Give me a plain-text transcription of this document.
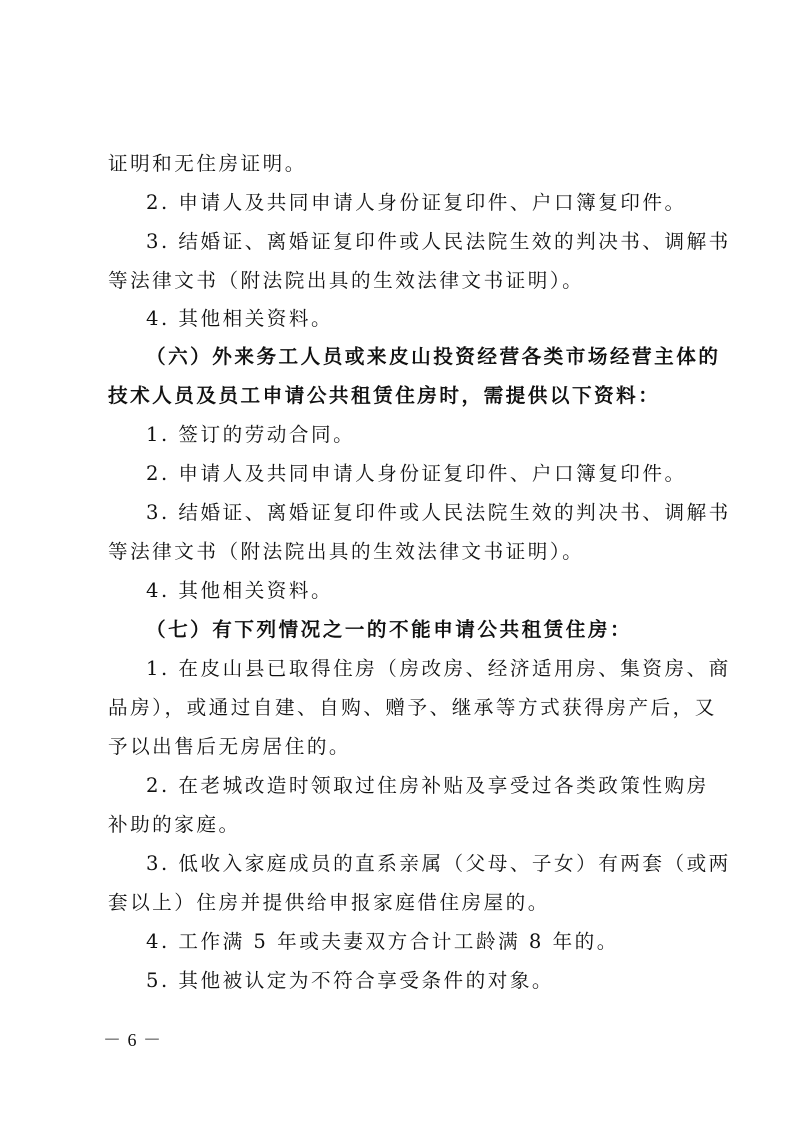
证明和无住房证明。
2. 申请人及共同申请人身份证复印件、户口簿复印件。
3. 结婚证、离婚证复印件或人民法院生效的判决书、调解书
等法律文书（附法院出具的生效法律文书证明）。
4. 其他相关资料。
（六）外来务工人员或来皮山投资经营各类市场经营主体的
技术人员及员工申请公共租赁住房时，需提供以下资料：
1. 签订的劳动合同。
2. 申请人及共同申请人身份证复印件、户口簿复印件。
3. 结婚证、离婚证复印件或人民法院生效的判决书、调解书
等法律文书（附法院出具的生效法律文书证明）。
4. 其他相关资料。
（七）有下列情况之一的不能申请公共租赁住房：
1. 在皮山县已取得住房（房改房、经济适用房、集资房、商
品房），或通过自建、自购、赠予、继承等方式获得房产后，又
予以出售后无房居住的。
2. 在老城改造时领取过住房补贴及享受过各类政策性购房
补助的家庭。
3. 低收入家庭成员的直系亲属（父母、子女）有两套（或两
套以上）住房并提供给申报家庭借住房屋的。
4. 工作满 5 年或夫妻双方合计工龄满 8 年的。
5. 其他被认定为不符合享受条件的对象。
－ 6 －
